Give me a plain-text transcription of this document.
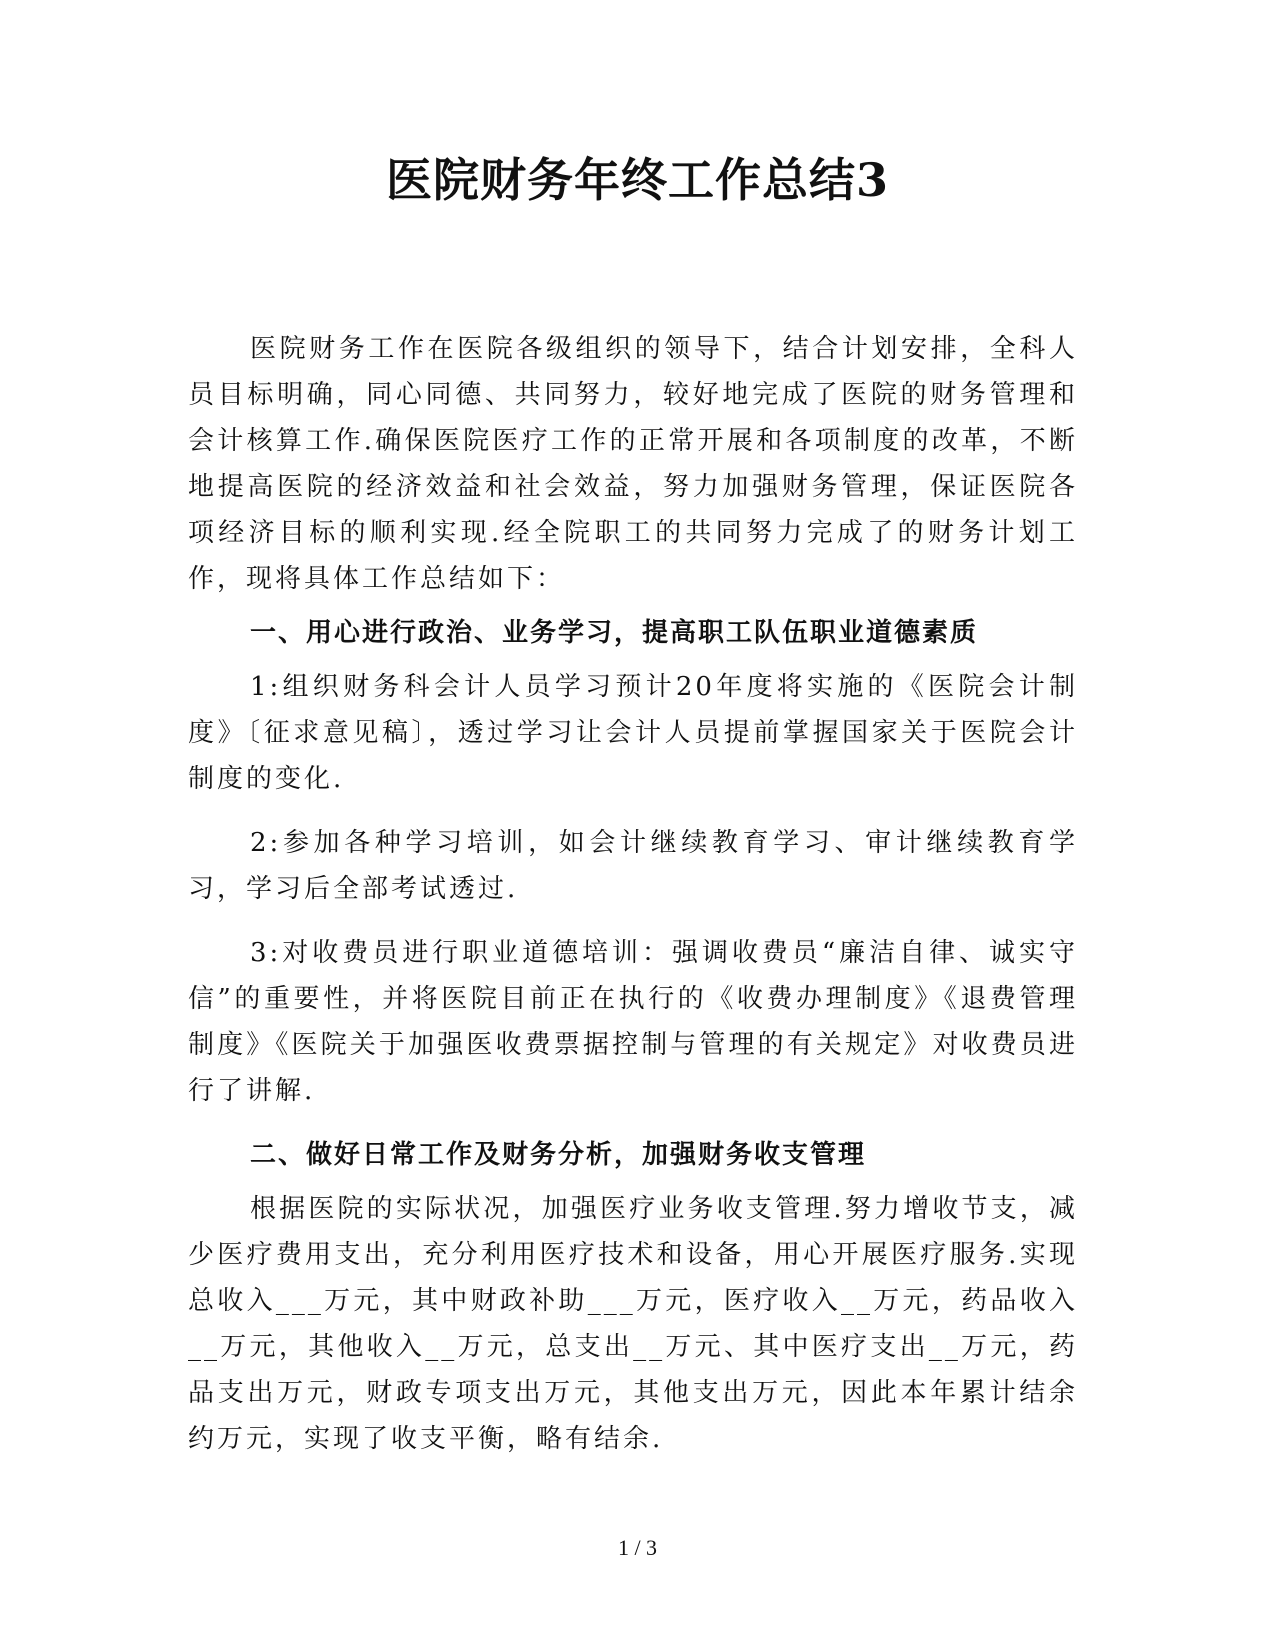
医院财务年终工作总结3

医院财务工作在医院各级组织的领导下，结合计划安排，全科人员目标明确，同心同德、共同努力，较好地完成了医院的财务管理和会计核算工作.确保医院医疗工作的正常开展和各项制度的改革，不断地提高医院的经济效益和社会效益，努力加强财务管理，保证医院各项经济目标的顺利实现.经全院职工的共同努力完成了的财务计划工作，现将具体工作总结如下：

一、用心进行政治、业务学习，提高职工队伍职业道德素质

1:组织财务科会计人员学习预计20年度将实施的《医院会计制度》〔征求意见稿〕，透过学习让会计人员提前掌握国家关于医院会计制度的变化.

2:参加各种学习培训，如会计继续教育学习、审计继续教育学习，学习后全部考试透过.

3:对收费员进行职业道德培训：强调收费员“廉洁自律、诚实守信”的重要性，并将医院目前正在执行的《收费办理制度》《退费管理制度》《医院关于加强医收费票据控制与管理的有关规定》对收费员进行了讲解.

二、做好日常工作及财务分析，加强财务收支管理

根据医院的实际状况，加强医疗业务收支管理.努力增收节支，减少医疗费用支出，充分利用医疗技术和设备，用心开展医疗服务.实现总收入___万元，其中财政补助___万元，医疗收入__万元，药品收入__万元，其他收入__万元，总支出__万元、其中医疗支出__万元，药品支出万元，财政专项支出万元，其他支出万元，因此本年累计结余约万元，实现了收支平衡，略有结余.

1 / 3
